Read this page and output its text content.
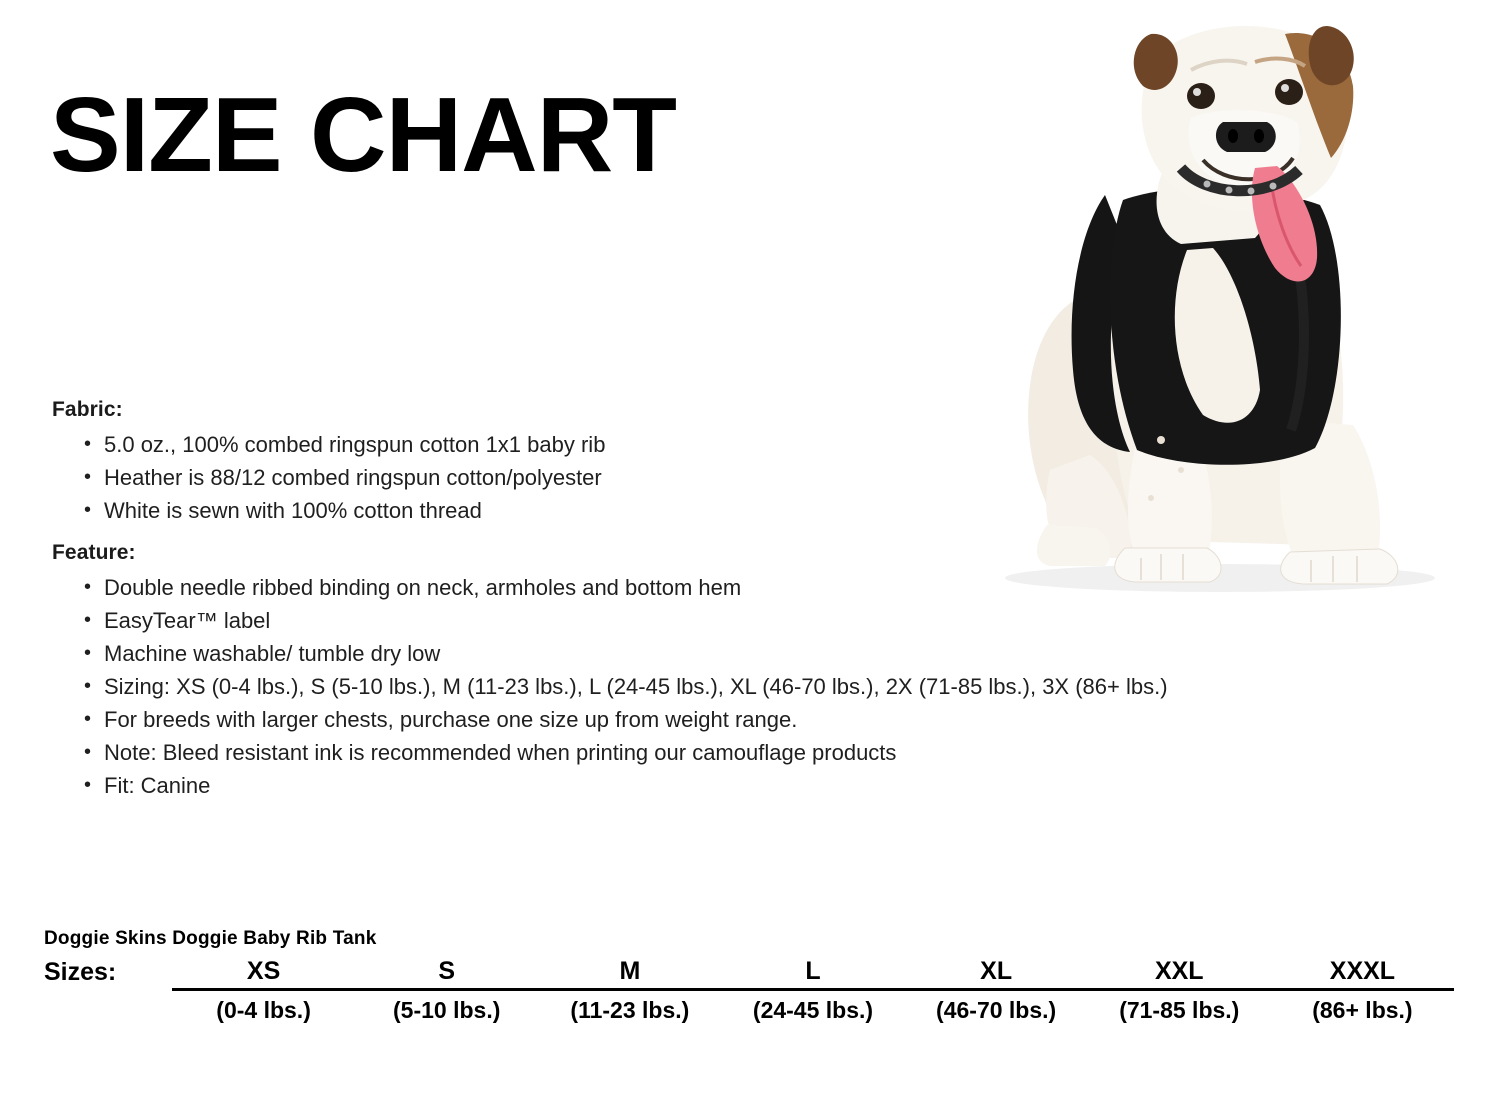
SIZE CHART
Fabric:
• 5.0 oz., 100% combed ringspun cotton 1x1 baby rib
• Heather is 88/12 combed ringspun cotton/polyester
• White is sewn with 100% cotton thread
Feature:
• Double needle ribbed binding on neck, armholes and bottom hem
• EasyTear™ label
• Machine washable/ tumble dry low
• Sizing: XS (0-4 lbs.), S (5-10 lbs.), M (11-23 lbs.), L (24-45 lbs.), XL (46-70 lbs.), 2X (71-85 lbs.), 3X (86+ lbs.)
• For breeds with larger chests, purchase one size up from weight range.
• Note: Bleed resistant ink is recommended when printing our camouflage products
• Fit: Canine
Doggie Skins Doggie Baby Rib Tank
Sizes:	XS	S	M	L	XL	XXL	XXXL
	(0-4 lbs.)	(5-10 lbs.)	(11-23 lbs.)	(24-45 lbs.)	(46-70 lbs.)	(71-85 lbs.)	(86+ lbs.)
